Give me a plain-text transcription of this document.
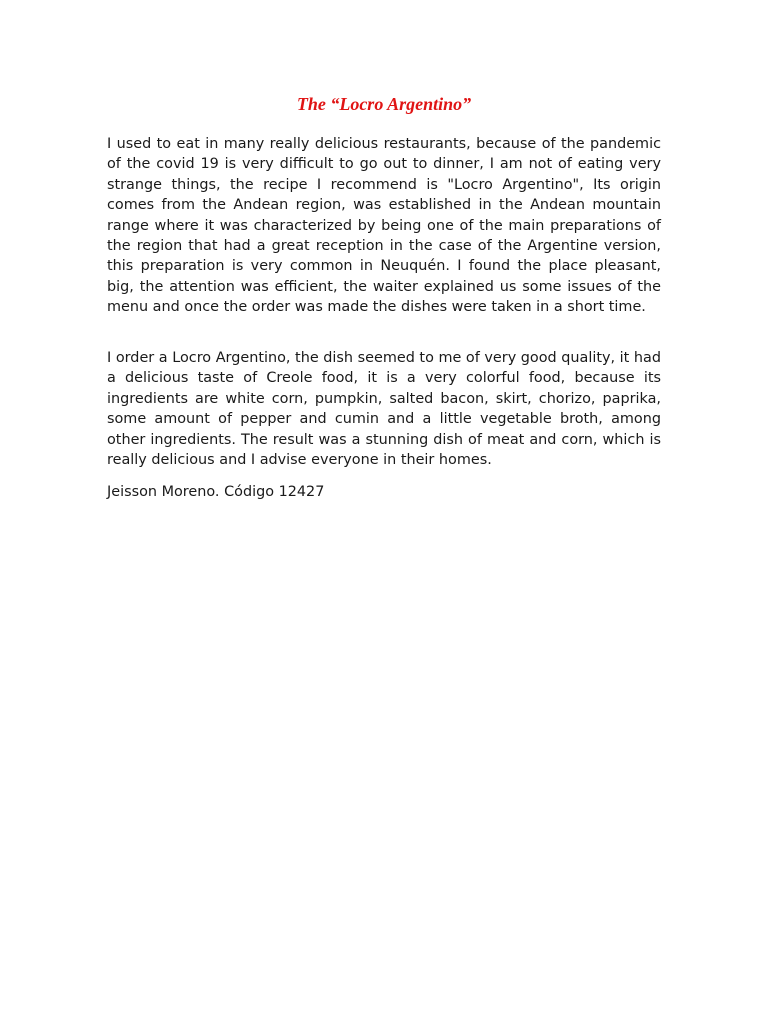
The “Locro Argentino”

I used to eat in many really delicious restaurants, because of the pandemic of the covid 19 is very difficult to go out to dinner, I am not of eating very strange things, the recipe I recommend is "Locro Argentino", Its origin comes from the Andean region, was established in the Andean mountain range where it was characterized by being one of the main preparations of the region that had a great reception in the case of the Argentine version, this preparation is very common in Neuquén. I found the place pleasant, big, the attention was efficient, the waiter explained us some issues of the menu and once the order was made the dishes were taken in a short time.

I order a Locro Argentino, the dish seemed to me of very good quality, it had a delicious taste of Creole food, it is a very colorful food, because its ingredients are white corn, pumpkin, salted bacon, skirt, chorizo, paprika, some amount of pepper and cumin and a little vegetable broth, among other ingredients. The result was a stunning dish of meat and corn, which is really delicious and I advise everyone in their homes.

Jeisson Moreno. Código 12427
